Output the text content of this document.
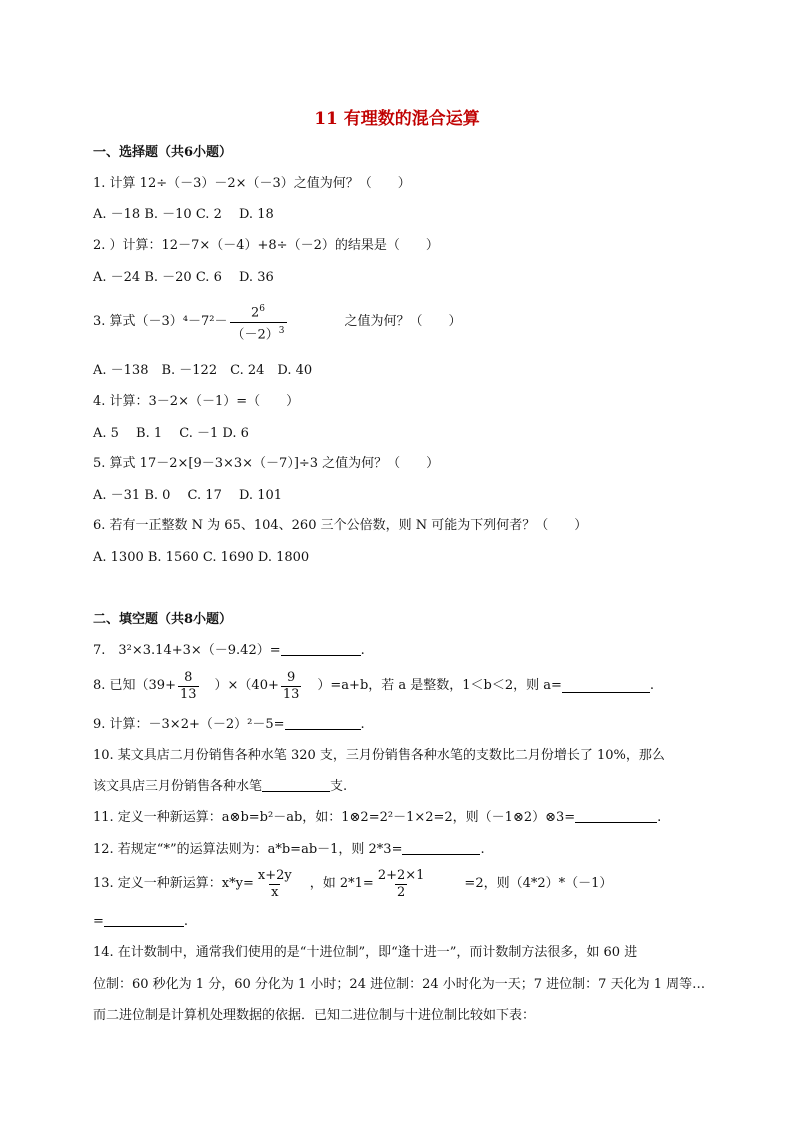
11 有理数的混合运算
一、选择题（共6小题）
1. 计算 12÷（－3）－2×（－3）之值为何？（　　）
A. －18 B. －10 C. 2　 D. 18
2. ）计算：12－7×（－4）+8÷（－2）的结果是（　　）
A. －24 B. －20 C. 6　 D. 36
3. 算式$(-3)^4-7^2- \frac{2^6}{(-2)^3}$	之值为何？（　　）
A. －138　B. －122　C. 24　D. 40
4. 计算：3－2×（－1）=（　　）
A. 5　 B. 1　 C. －1 D. 6
5. 算式 17－2×[9－3×3×（－7）]÷3 之值为何？（　　）
A. －31 B. 0　 C. 17　 D. 101
6. 若有一正整数 N 为 65、104、260 三个公倍数，则 N 可能为下列何者？（　　）
A. 1300 B. 1560 C. 1690 D. 1800
二、填空题（共8小题）
7.　3²×3.14+3×（－9.42）=	.
8. 已知$(39+ \frac{8}{13} )\times(40+ \frac{9}{13} )=a+b$，若 a 是整数，1＜b＜2，则 a=	.
9. 计算：－3×2+（－2）²－5=	.
10. 某文具店二月份销售各种水笔 320 支，三月份销售各种水笔的支数比二月份增长了 10%，那么
该文具店三月份销售各种水笔	支.
11. 定义一种新运算：a⊗b=b²－ab，如：1⊗2=2²－1×2=2，则（－1⊗2）⊗3=	.
12. 若规定“*”的运算法则为：a*b=ab－1，则 2*3=	.
13. 定义一种新运算：$x*y= \frac{x+2y}{x}$ ，如 $2*1= \frac{2+2\times 1}{2}$	=2，则（4*2）*（－1）
=	.
14. 在计数制中，通常我们使用的是“十进位制”，即“逢十进一”，而计数制方法很多，如 60 进
位制：60 秒化为 1 分，60 分化为 1 小时；24 进位制：24 小时化为一天；7 进位制：7 天化为 1 周等…
而二进位制是计算机处理数据的依据．已知二进位制与十进位制比较如下表：
